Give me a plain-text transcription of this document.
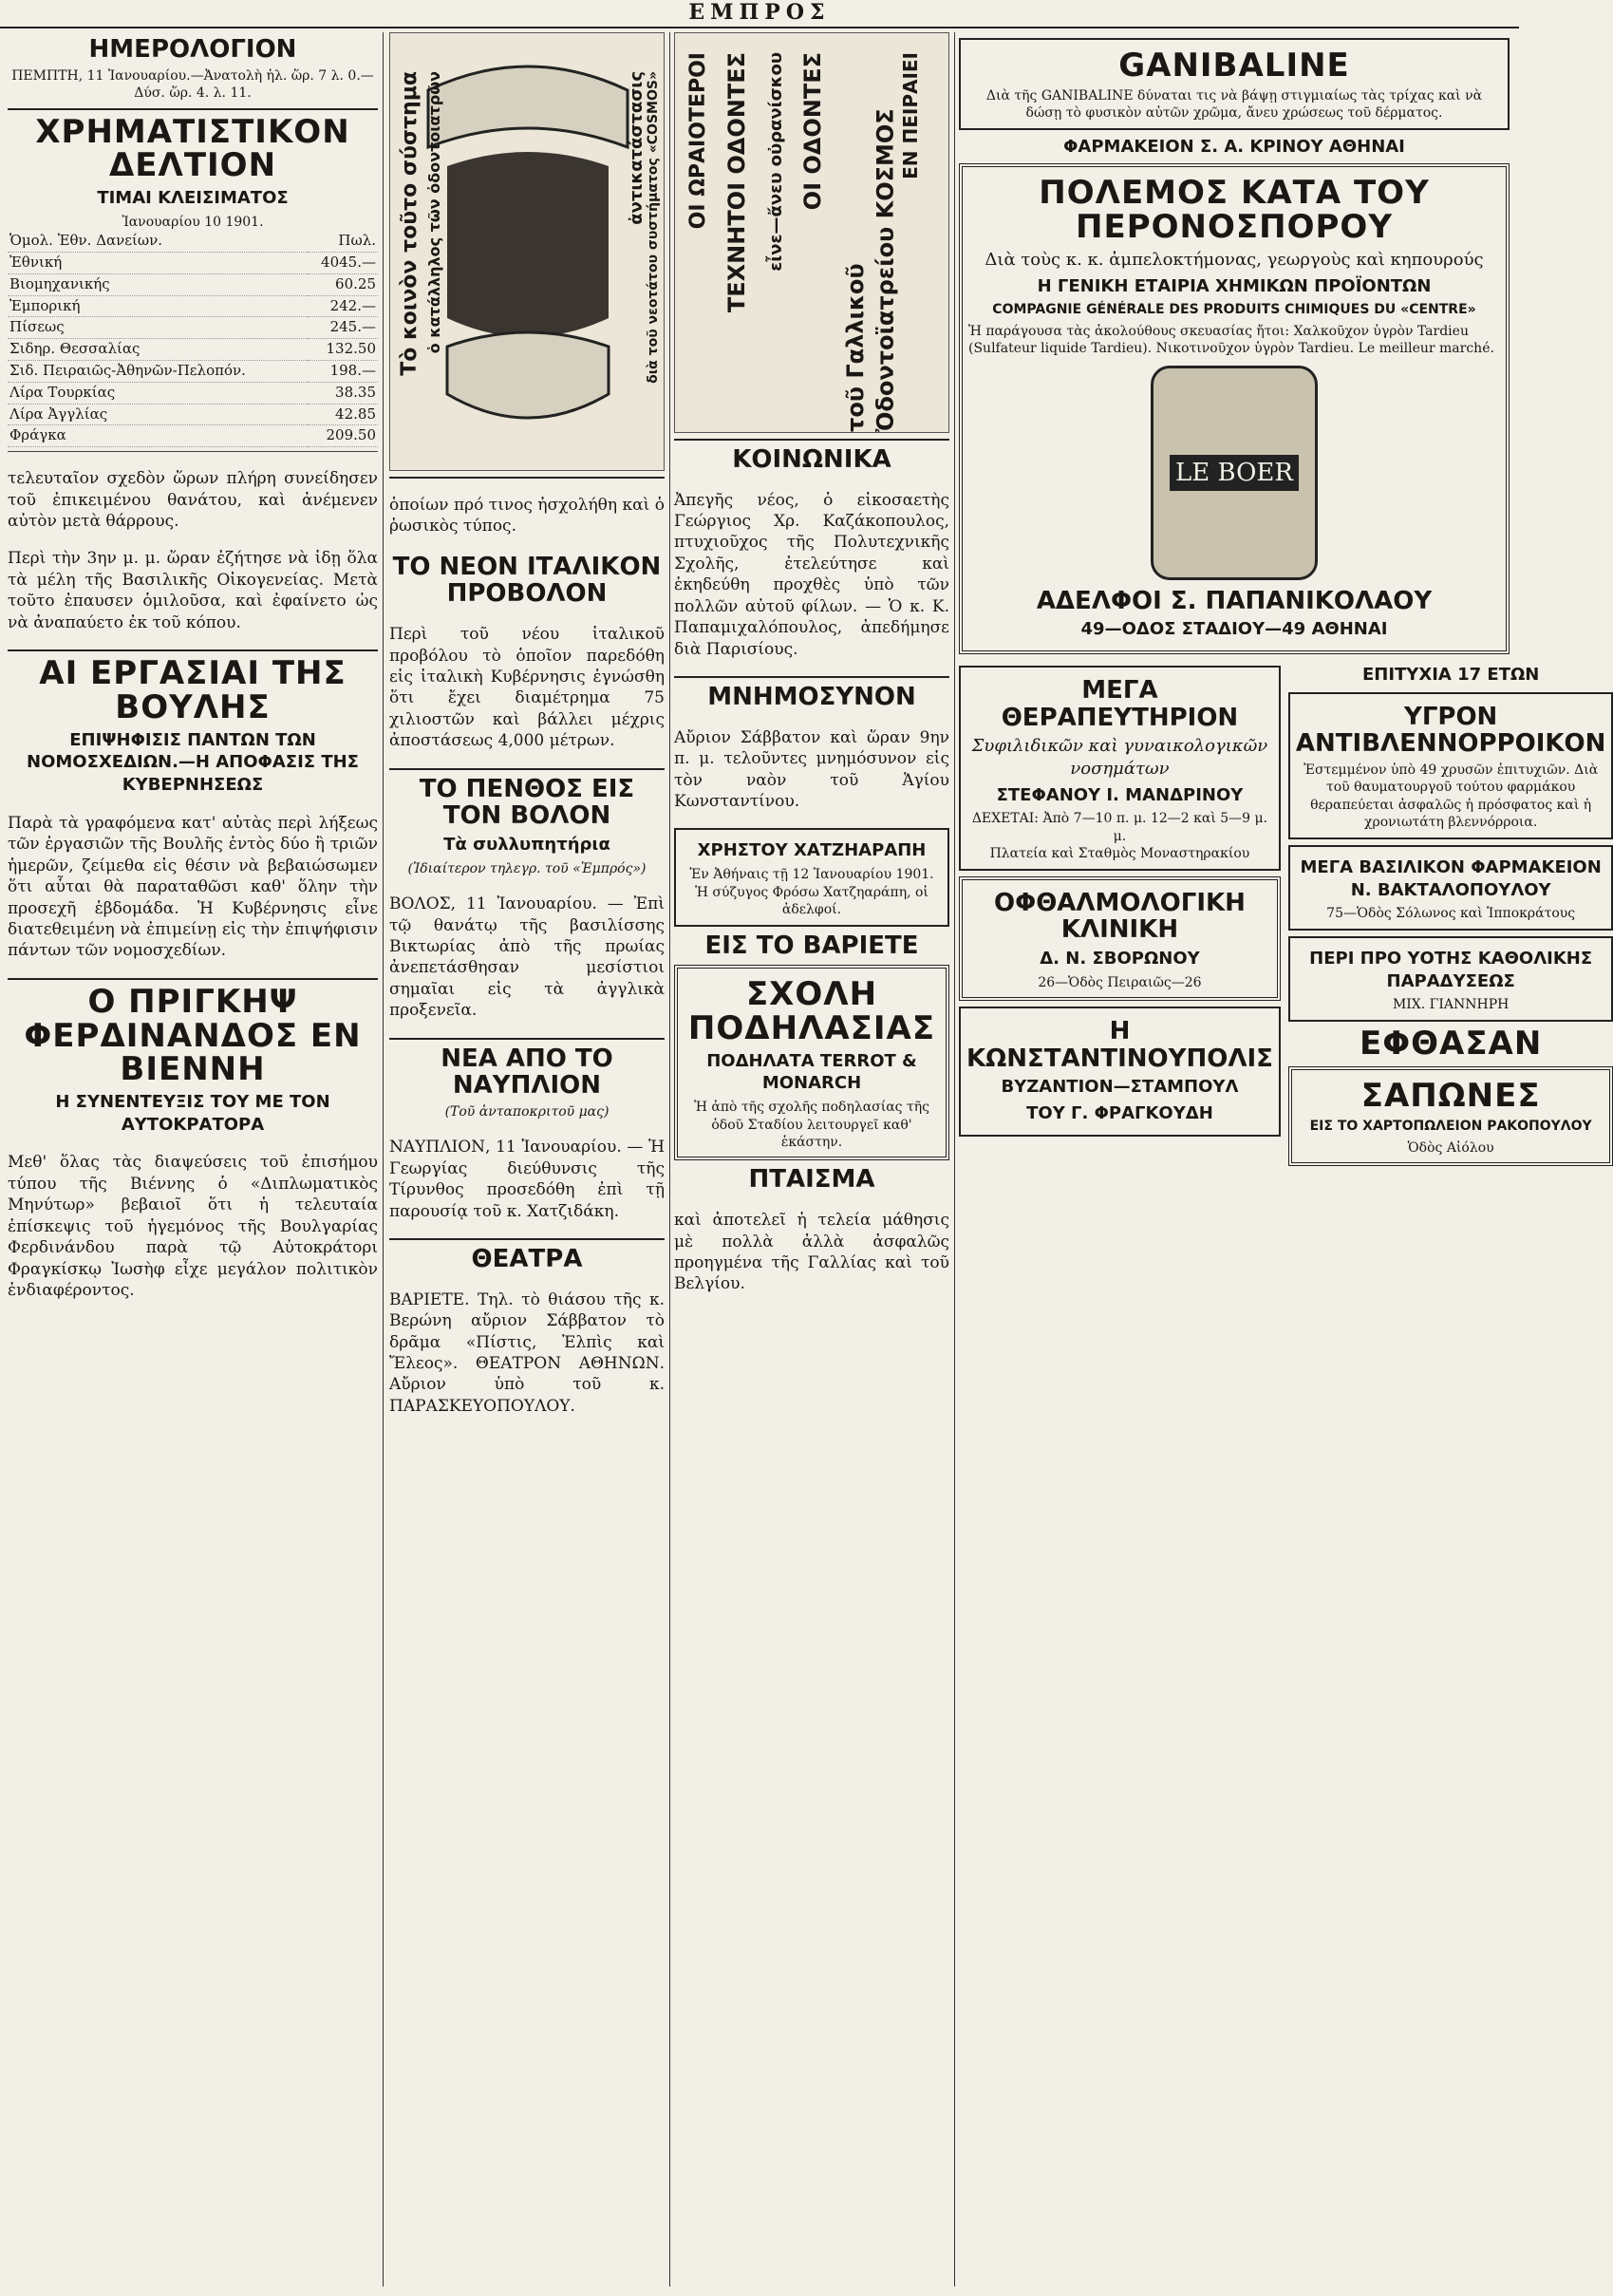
ΕΜΠΡΟΣ
ΗΜΕΡΟΛΟΓΙΟΝ
ΠΕΜΠΤΗ, 11 Ἰανουαρίου.—Ἀνατολὴ ἡλ. ὥρ. 7 λ. 0.—Δύσ. ὥρ. 4. λ. 11.
ΧΡΗΜΑΤΙΣΤΙΚΟΝ ΔΕΛΤΙΟΝ
ΤΙΜΑΙ ΚΛΕΙΣΙΜΑΤΟΣ
Ἰανουαρίου 10 1901.
Ὁμολ. Ἐθν. Δανείων.	Πωλ.
Ἐθνική	4045.—
Βιομηχανικής	60.25
Ἐμπορική	242.—
Πίσεως	245.—
Σιδηρ. Θεσσαλίας	132.50
Σιδ. Πειραιῶς-Ἀθηνῶν-Πελοπόν.	198.—
Λίρα Τουρκίας	38.35
Λίρα Ἀγγλίας	42.85
Φράγκα	209.50

τελευταῖον σχεδὸν ὥρων πλήρη συνείδησεν τοῦ ἐπικειμένου θανάτου, καὶ ἀνέμενεν αὐτὸν μετὰ θάρρους.

Περὶ τὴν 3ην μ. μ. ὥραν ἐζήτησε νὰ ἰδῃ ὅλα τὰ μέλη τῆς Βασιλικῆς Οἰκογενείας. Μετὰ τοῦτο ἐπαυσεν ὁμιλοῦσα, καὶ ἐφαίνετο ὡς νὰ ἀναπαύετο ἐκ τοῦ κόπου.

ΑΙ ΕΡΓΑΣΙΑΙ ΤΗΣ ΒΟΥΛΗΣ
ΕΠΙΨΗΦΙΣΙΣ ΠΑΝΤΩΝ ΤΩΝ ΝΟΜΟΣΧΕΔΙΩΝ.—Η ΑΠΟΦΑΣΙΣ ΤΗΣ ΚΥΒΕΡΝΗΣΕΩΣ

Παρὰ τὰ γραφόμενα κατ' αὐτὰς περὶ λήξεως τῶν ἐργασιῶν τῆς Βουλῆς ἐντὸς δύο ἢ τριῶν ἡμερῶν, ζείμεθα εἰς θέσιν νὰ βεβαιώσωμεν ὅτι αὗται θὰ παραταθῶσι καθ' ὅλην τὴν προσεχῆ ἑβδομάδα. Ἡ Κυβέρνησις εἶνε διατεθειμένη νὰ ἐπιμείνῃ εἰς τὴν ἐπιψήφισιν πάντων τῶν νομοσχεδίων.

Ο ΠΡΙΓΚΗΨ ΦΕΡΔΙΝΑΝΔΟΣ ΕΝ ΒΙΕΝΝΗ
Η ΣΥΝΕΝΤΕΥΞΙΣ ΤΟΥ ΜΕ ΤΟΝ ΑΥΤΟΚΡΑΤΟΡΑ

Μεθ' ὅλας τὰς διαψεύσεις τοῦ ἐπισήμου τύπου τῆς Βιέννης ὁ «Διπλωματικὸς Μηνύτωρ» βεβαιοῖ ὅτι ἡ τελευταία ἐπίσκεψις τοῦ ἡγεμόνος τῆς Βουλγαρίας Φερδινάνδου παρὰ τῷ Αὐτοκράτορι Φραγκίσκῳ Ἰωσὴφ εἶχε μεγάλον πολιτικὸν ἐνδιαφέροντος.

Τὸ κοινὸν τοῦτο σύστημα ὁ κατάλληλος τῶν ὀδοντοιατρῶν	ἀντικατάστασις διὰ τοῦ νεοτάτου συστήματος «COSMOS»

ὁποίων πρό τινος ἠσχολήθη καὶ ὁ ῥωσικὸς τύπος.

ΤΟ ΝΕΟΝ ΙΤΑΛΙΚΟΝ ΠΡΟΒΟΛΟΝ

Περὶ τοῦ νέου ἰταλικοῦ προβόλου τὸ ὁποῖον παρεδόθη εἰς ἰταλικὴ Κυβέρνησις ἐγνώσθη ὅτι ἔχει διαμέτρημα 75 χιλιοστῶν καὶ βάλλει μέχρις ἀποστάσεως 4,000 μέτρων.

ΤΟ ΠΕΝΘΟΣ ΕΙΣ ΤΟΝ ΒΟΛΟΝ
Τὰ συλλυπητήρια
(Ἰδιαίτερον τηλεγρ. τοῦ «Ἐμπρός»)

ΒΟΛΟΣ, 11 Ἰανουαρίου. — Ἐπὶ τῷ θανάτῳ τῆς βασιλίσσης Βικτωρίας ἀπὸ τῆς πρωίας ἀνεπετάσθησαν μεσίστιοι σημαῖαι εἰς τὰ ἀγγλικὰ προξενεῖα.

ΝΕΑ ΑΠΟ ΤΟ ΝΑΥΠΛΙΟΝ
(Τοῦ ἀνταποκριτοῦ μας)

ΝΑΥΠΛΙΟΝ, 11 Ἰανουαρίου. — Ἡ Γεωργίας διεύθυνσις τῆς Τίρυνθος προσεδόθη ἐπὶ τῇ παρουσίᾳ τοῦ κ. Χατζιδάκη.

ΘΕΑΤΡΑ

ΒΑΡΙΕΤΕ. Τηλ. τὸ θιάσου τῆς κ. Βερώνη αὔριον Σάββατον τὸ δρᾶμα «Πίστις, Ἐλπὶς καὶ Ἔλεος». ΘΕΑΤΡΟΝ ΑΘΗΝΩΝ. Αὔριον ὑπὸ τοῦ κ. ΠΑΡΑΣΚΕΥΟΠΟΥΛΟΥ.

ΟΙ ΩΡΑΙΟΤΕΡΟΙ ΤΕΧΝΗΤΟΙ ΟΔΟΝΤΕΣ εἶνε—ἄνευ οὐρανίσκου ΟΙ ΟΔΟΝΤΕΣ
τοῦ Γαλλικοῦ Ὀδοντοϊατρείου ΚΟΣΜΟΣ ΕΝ ΠΕΙΡΑΙΕΙ
ΚΟΙΝΩΝΙΚΑ

Ἀπεγῆς νέος, ὁ εἰκοσαετὴς Γεώργιος Χρ. Καζάκοπουλος, πτυχιοῦχος τῆς Πολυτεχνικῆς Σχολῆς, ἐτελεύτησε καὶ ἐκηδεύθη προχθὲς ὑπὸ τῶν πολλῶν αὐτοῦ φίλων. — Ὁ κ. Κ. Παπαμιχαλόπουλος, ἀπεδήμησε διὰ Παρισίους.

ΜΝΗΜΟΣΥΝΟΝ

Αὔριον Σάββατον καὶ ὥραν 9ην π. μ. τελοῦντες μνημόσυνον εἰς τὸν ναὸν τοῦ Ἁγίου Κωνσταντίνου.

ΧΡΗΣΤΟΥ ΧΑΤΖΗΑΡΑΠΗ
Ἐν Ἀθήναις τῇ 12 Ἰανουαρίου 1901. Ἡ σύζυγος Φρόσω Χατζηαράπη, οἱ ἀδελφοί.
ΕΙΣ ΤΟ ΒΑΡΙΕΤΕ
ΣΧΟΛΗ ΠΟΔΗΛΑΣΙΑΣ
ΠΟΔΗΛΑΤΑ TERROT & MONARCH
Ἡ ἀπὸ τῆς σχολῆς ποδηλασίας τῆς ὁδοῦ Σταδίου λειτουργεῖ καθ' ἑκάστην.
ΠΤΑΙΣΜΑ

καὶ ἀποτελεῖ ἡ τελεία μάθησις μὲ πολλὰ ἀλλὰ ἀσφαλῶς προηγμένα τῆς Γαλλίας καὶ τοῦ Βελγίου.

GANIBALINE
Διὰ τῆς GANIBALINE δύναται τις νὰ βάψῃ στιγμιαίως τὰς τρίχας καὶ νὰ δώσῃ τὸ φυσικὸν αὐτῶν χρῶμα, ἄνευ χρώσεως τοῦ δέρματος.
ΦΑΡΜΑΚΕΙΟΝ Σ. Α. ΚΡΙΝΟΥ ΑΘΗΝΑΙ
ΠΟΛΕΜΟΣ ΚΑΤΑ ΤΟΥ ΠΕΡΟΝΟΣΠΟΡΟΥ
Διὰ τοὺς κ. κ. ἀμπελοκτήμονας, γεωργοὺς καὶ κηπουρούς
Η ΓΕΝΙΚΗ ΕΤΑΙΡΙΑ ΧΗΜΙΚΩΝ ΠΡΟΪΟΝΤΩΝ
COMPAGNIE GÉNÉRALE DES PRODUITS CHIMIQUES DU «CENTRE»
Ἡ παράγουσα τὰς ἀκολούθους σκευασίας ἤτοι: Χαλκοῦχον ὑγρὸν Tardieu (Sulfateur liquide Tardieu). Νικοτινοῦχον ὑγρὸν Tardieu. Le meilleur marché.
LE BOER
ΑΔΕΛΦΟΙ Σ. ΠΑΠΑΝΙΚΟΛΑΟΥ
49—ΟΔΟΣ ΣΤΑΔΙΟΥ—49 ΑΘΗΝΑΙ
ΜΕΓΑ ΘΕΡΑΠΕΥΤΗΡΙΟΝ
Συφιλιδικῶν καὶ γυναικολογικῶν νοσημάτων
ΣΤΕΦΑΝΟΥ Ι. ΜΑΝΔΡΙΝΟΥ
ΔΕΧΕΤΑΙ: Ἀπὸ 7—10 π. μ. 12—2 καὶ 5—9 μ. μ.
Πλατεία καὶ Σταθμὸς Μοναστηρακίου
ΟΦΘΑΛΜΟΛΟΓΙΚΗ ΚΛΙΝΙΚΗ
Δ. Ν. ΣΒΟΡΩΝΟΥ
26—Ὁδὸς Πειραιῶς—26
Η ΚΩΝΣΤΑΝΤΙΝΟΥΠΟΛΙΣ
ΒΥΖΑΝΤΙΟΝ—ΣΤΑΜΠΟΥΛ
ΤΟΥ Γ. ΦΡΑΓΚΟΥΔΗ
ΕΠΙΤΥΧΙΑ 17 ΕΤΩΝ
ΥΓΡΟΝ ΑΝΤΙΒΛΕΝΝΟΡΡΟΙΚΟΝ
Ἐστεμμένον ὑπὸ 49 χρυσῶν ἐπιτυχιῶν. Διὰ τοῦ θαυματουργοῦ τούτου φαρμάκου θεραπεύεται ἀσφαλῶς ἡ πρόσφατος καὶ ἡ χρονιωτάτη βλεννόρροια.
ΜΕΓΑ ΒΑΣΙΛΙΚΟΝ ΦΑΡΜΑΚΕΙΟΝ Ν. ΒΑΚΤΑΛΟΠΟΥΛΟΥ
75—Ὁδὸς Σόλωνος καὶ Ἱπποκράτους
ΠΕΡΙ ΠΡΟ ΥΟΤΗΣ ΚΑΘΟΛΙΚΗΣ ΠΑΡΑΔΥΣΕΩΣ
ΜΙΧ. ΓΙΑΝΝΗΡΗ
ΕΦΘΑΣΑΝ
ΣΑΠΩΝΕΣ
ΕΙΣ ΤΟ ΧΑΡΤΟΠΩΛΕΙΟΝ ΡΑΚΟΠΟΥΛΟΥ
Ὁδὸς Αἰόλου
